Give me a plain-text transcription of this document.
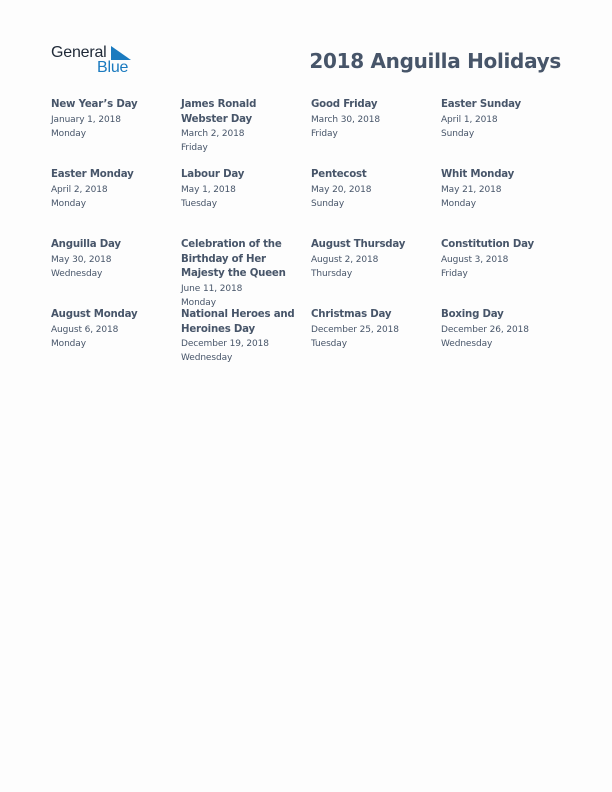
General
Blue	2018 Anguilla Holidays
New Year’s Day
January 1, 2018
Monday
James Ronald Webster Day
March 2, 2018
Friday
Good Friday
March 30, 2018
Friday
Easter Sunday
April 1, 2018
Sunday
Easter Monday
April 2, 2018
Monday
Labour Day
May 1, 2018
Tuesday
Pentecost
May 20, 2018
Sunday
Whit Monday
May 21, 2018
Monday
Anguilla Day
May 30, 2018
Wednesday
Celebration of the Birthday of Her Majesty the Queen
June 11, 2018
Monday
August Thursday
August 2, 2018
Thursday
Constitution Day
August 3, 2018
Friday
August Monday
August 6, 2018
Monday
National Heroes and Heroines Day
December 19, 2018
Wednesday
Christmas Day
December 25, 2018
Tuesday
Boxing Day
December 26, 2018
Wednesday
